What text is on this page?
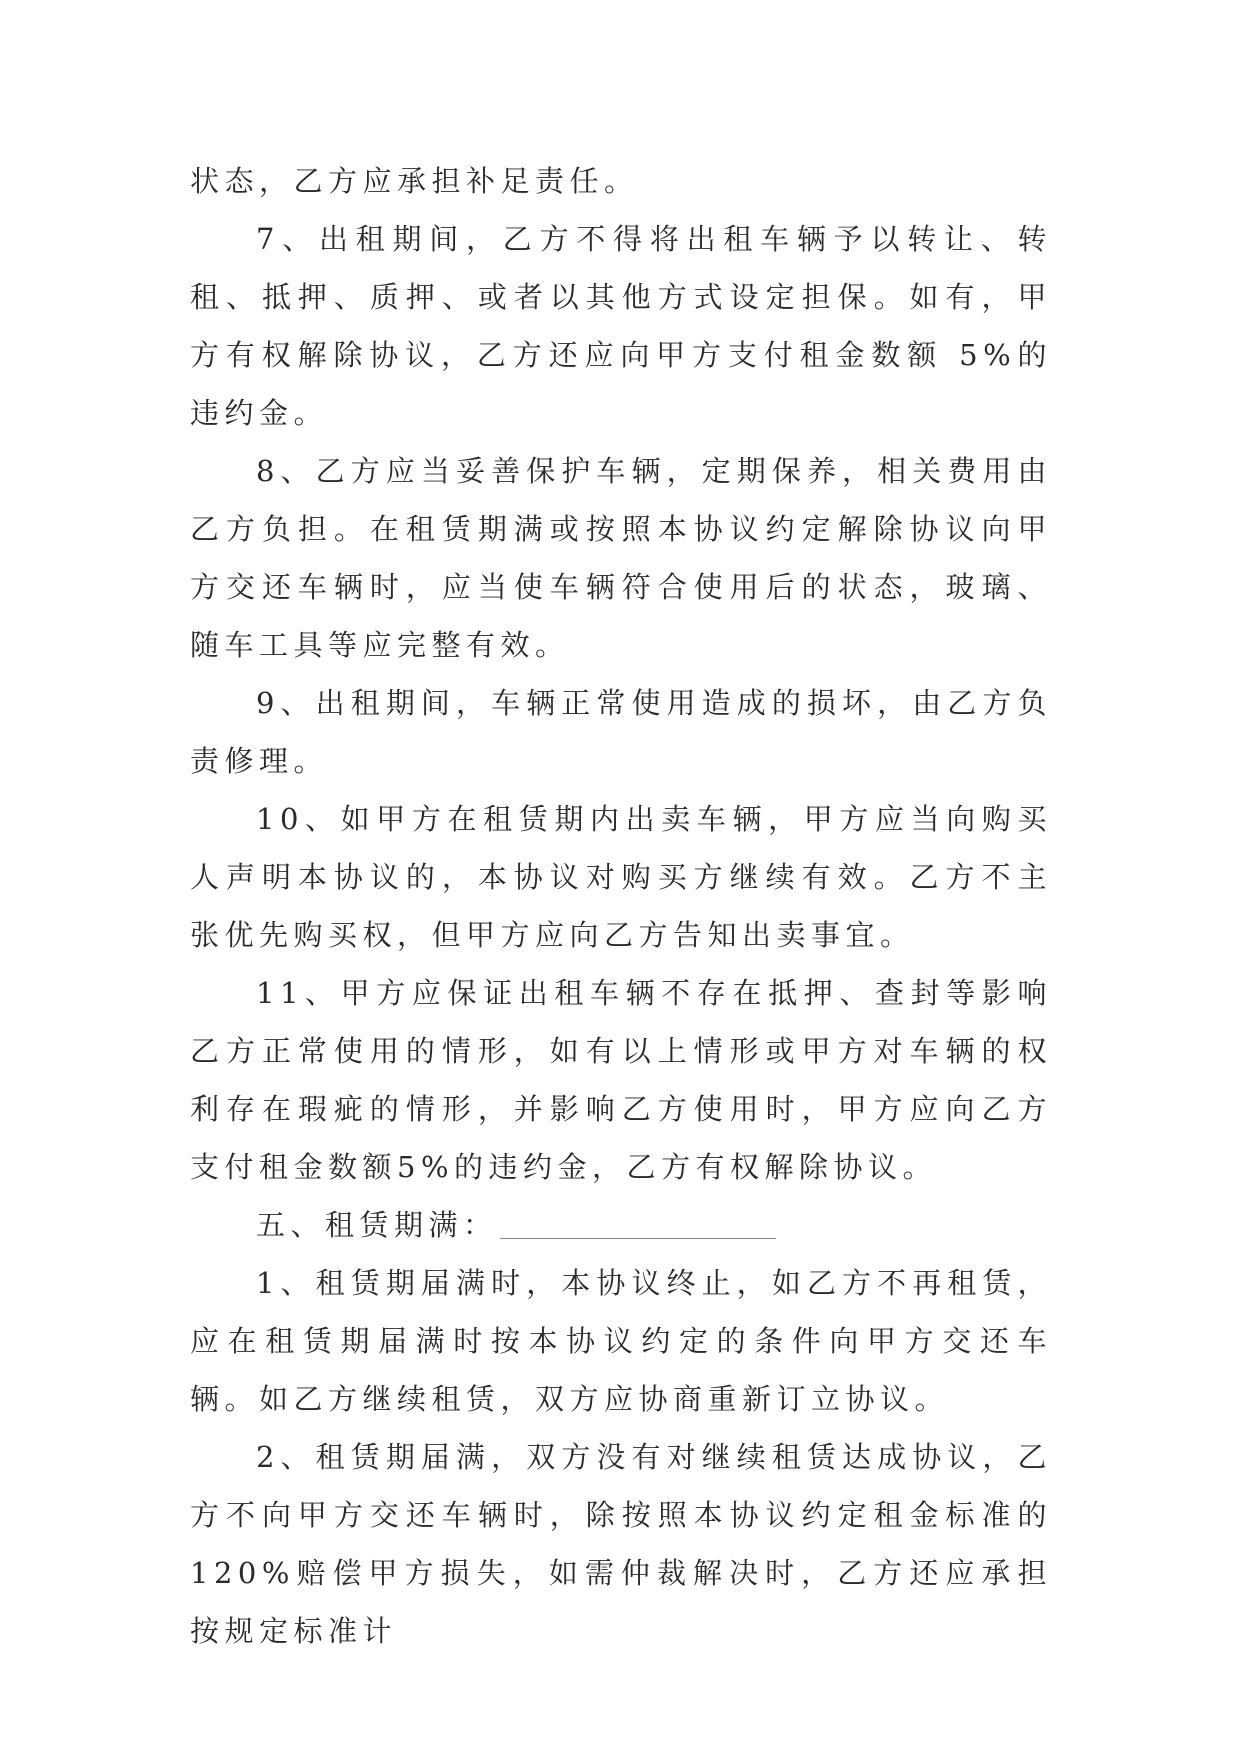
状态，乙方应承担补足责任。

7、出租期间，乙方不得将出租车辆予以转让、转租、抵押、质押、或者以其他方式设定担保。如有，甲方有权解除协议，乙方还应向甲方支付租金数额 5%的违约金。

8、乙方应当妥善保护车辆，定期保养，相关费用由乙方负担。在租赁期满或按照本协议约定解除协议向甲方交还车辆时，应当使车辆符合使用后的状态，玻璃、随车工具等应完整有效。

9、出租期间，车辆正常使用造成的损坏，由乙方负责修理。

10、如甲方在租赁期内出卖车辆，甲方应当向购买人声明本协议的，本协议对购买方继续有效。乙方不主张优先购买权，但甲方应向乙方告知出卖事宜。

11、甲方应保证出租车辆不存在抵押、查封等影响乙方正常使用的情形，如有以上情形或甲方对车辆的权利存在瑕疵的情形，并影响乙方使用时，甲方应向乙方支付租金数额5%的违约金，乙方有权解除协议。

五、租赁期满：

1、租赁期届满时，本协议终止，如乙方不再租赁，应在租赁期届满时按本协议约定的条件向甲方交还车辆。如乙方继续租赁，双方应协商重新订立协议。

2、租赁期届满，双方没有对继续租赁达成协议，乙方不向甲方交还车辆时，除按照本协议约定租金标准的 120%赔偿甲方损失，如需仲裁解决时，乙方还应承担按规定标准计
